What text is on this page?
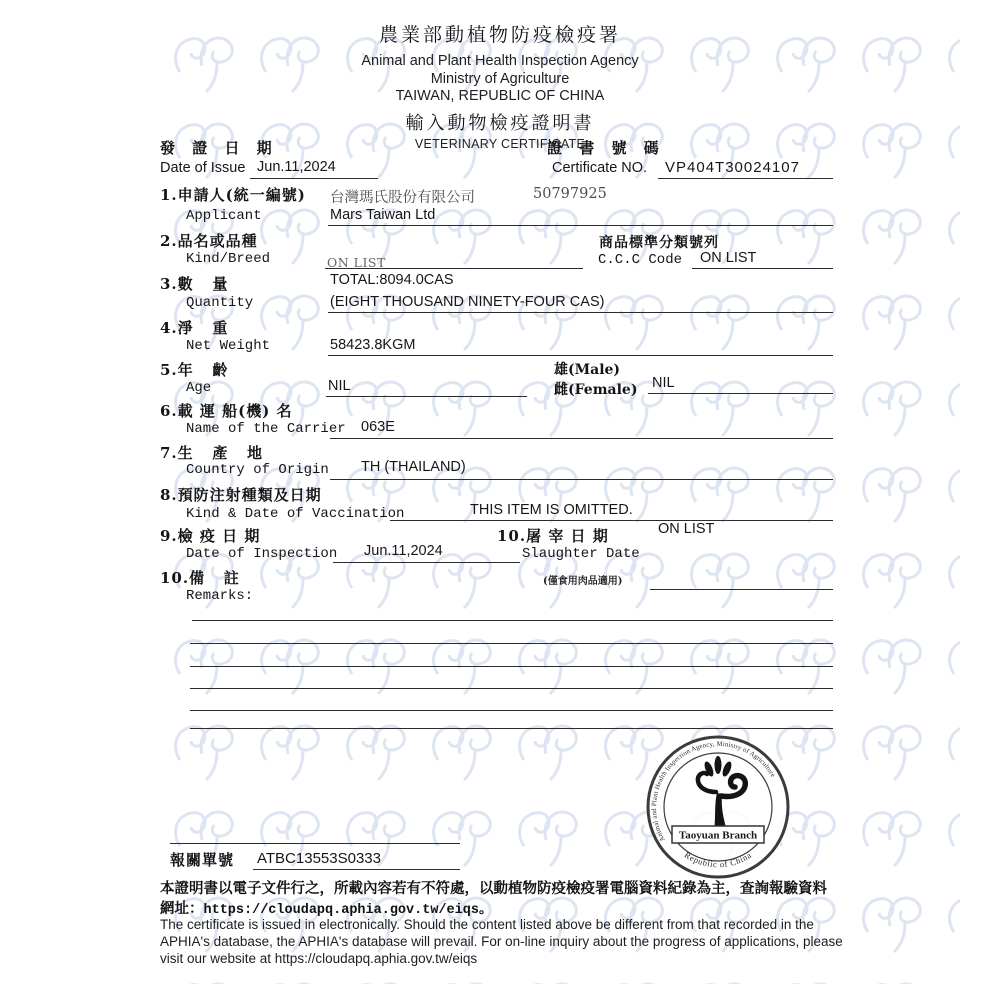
農業部動植物防疫檢疫署
Animal and Plant Health Inspection Agency
Ministry of Agriculture
TAIWAN, REPUBLIC OF CHINA
輸入動物檢疫證明書
VETERINARY CERTIFICATE
發 證 日 期
Date of Issue Jun.11,2024
證 書 號 碼
Certificate NO. VP404T30024107
1.申請人(統一編號) 台灣瑪氏股份有限公司	50797925
Applicant	Mars Taiwan Ltd
2.品名或品種	商品標準分類號列
Kind/Breed	ON LIST	C.C.C Code ON LIST
3.數   量	TOTAL:8094.0CAS
Quantity	(EIGHT THOUSAND NINETY-FOUR CAS)
4.淨   重
Net Weight	58423.8KGM
5.年   齡	雄(Male)
Age	NIL	雌(Female) NIL
6.載 運 船(機) 名
Name of the Carrier 063E
7.生   產   地
Country of Origin TH (THAILAND)
8.預防注射種類及日期
Kind & Date of Vaccination	THIS ITEM IS OMITTED.
9.檢 疫 日 期	10.屠 宰 日 期	ON LIST
Date of Inspection Jun.11,2024	Slaughter Date
(僅食用肉品適用)
10.備   註
Remarks:
Animal and Plant Health Inspection Agency, Ministry of Agriculture
Republic of China
Taoyuan Branch
報關單號 ATBC13553S0333
本證明書以電子文件行之，所載內容若有不符處，以動植物防疫檢疫署電腦資料紀錄為主，查詢報驗資料
網址：https://cloudapq.aphia.gov.tw/eiqs。
The certificate is issued in electronically. Should the content listed above be different from that recorded in the
APHIA's database, the APHIA's database will prevail. For on-line inquiry about the progress of applications, please
visit our website at https://cloudapq.aphia.gov.tw/eiqs
